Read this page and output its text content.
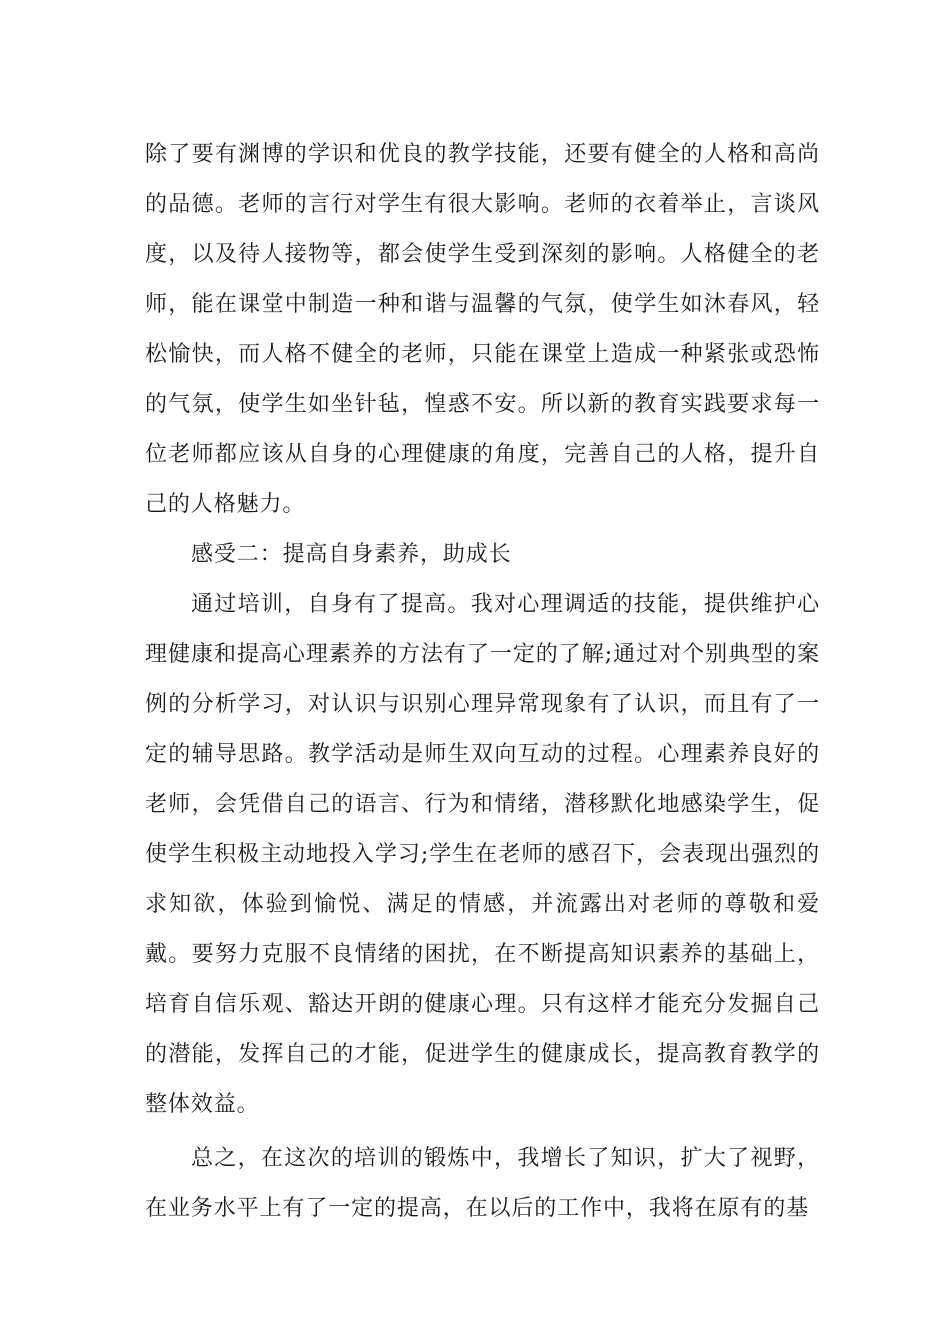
除了要有渊博的学识和优良的教学技能，还要有健全的人格和高尚的品德。老师的言行对学生有很大影响。老师的衣着举止，言谈风度，以及待人接物等，都会使学生受到深刻的影响。人格健全的老师，能在课堂中制造一种和谐与温馨的气氛，使学生如沐春风，轻松愉快，而人格不健全的老师，只能在课堂上造成一种紧张或恐怖的气氛，使学生如坐针毡，惶惑不安。所以新的教育实践要求每一位老师都应该从自身的心理健康的角度，完善自己的人格，提升自己的人格魅力。

感受二：提高自身素养，助成长

通过培训，自身有了提高。我对心理调适的技能，提供维护心理健康和提高心理素养的方法有了一定的了解;通过对个别典型的案例的分析学习，对认识与识别心理异常现象有了认识，而且有了一定的辅导思路。教学活动是师生双向互动的过程。心理素养良好的老师，会凭借自己的语言、行为和情绪，潜移默化地感染学生，促使学生积极主动地投入学习;学生在老师的感召下，会表现出强烈的求知欲，体验到愉悦、满足的情感，并流露出对老师的尊敬和爱戴。要努力克服不良情绪的困扰，在不断提高知识素养的基础上，培育自信乐观、豁达开朗的健康心理。只有这样才能充分发掘自己的潜能，发挥自己的才能，促进学生的健康成长，提高教育教学的整体效益。

总之，在这次的培训的锻炼中，我增长了知识，扩大了视野，在业务水平上有了一定的提高，在以后的工作中，我将在原有的基
